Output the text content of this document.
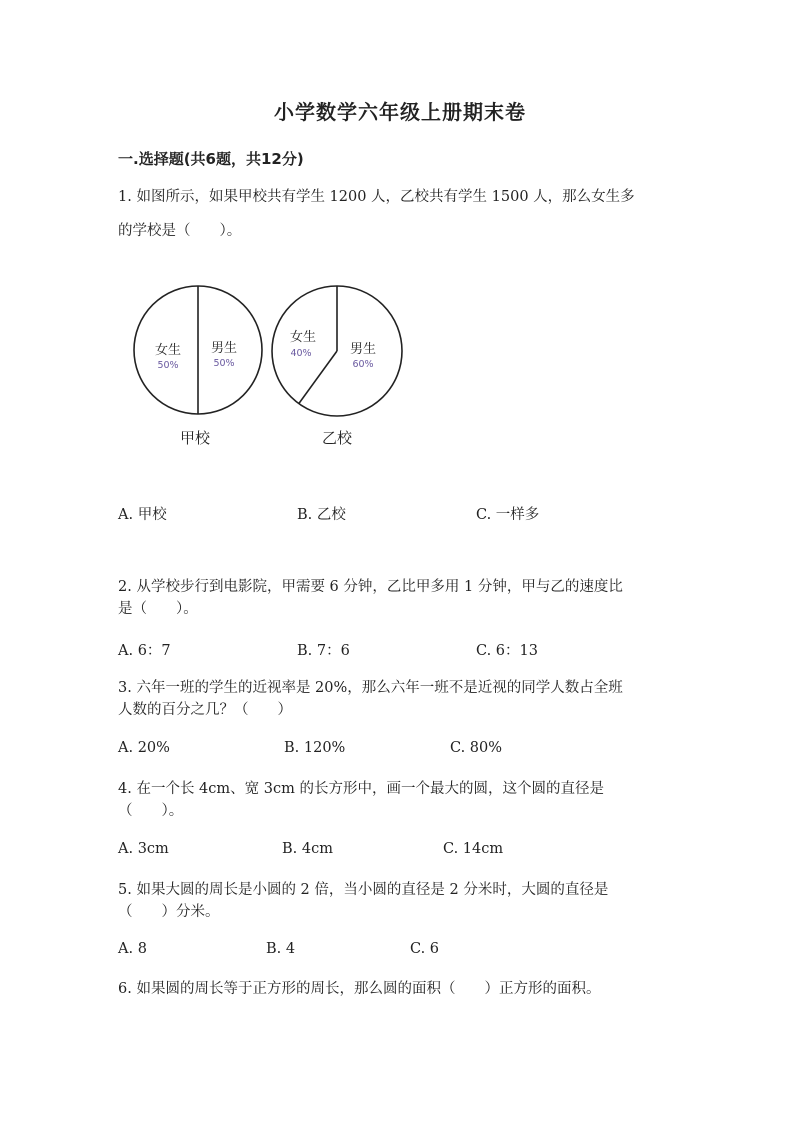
小学数学六年级上册期末卷
一.选择题(共6题，共12分)
1. 如图所示，如果甲校共有学生 1200 人，乙校共有学生 1500 人，那么女生多
的学校是（　　）。
女生
50%
男生
50%
甲校
女生
40%	男生
60%
乙校
A. 甲校	B. 乙校	C. 一样多
2. 从学校步行到电影院，甲需要 6 分钟，乙比甲多用 1 分钟，甲与乙的速度比
是（　　）。
A. 6：7	B. 7：6	C. 6：13
3. 六年一班的学生的近视率是 20%，那么六年一班不是近视的同学人数占全班
人数的百分之几？（　　）
A. 20%	B. 120%	C. 80%
4. 在一个长 4cm、宽 3cm 的长方形中，画一个最大的圆，这个圆的直径是
（　　）。
A. 3cm	B. 4cm	C. 14cm
5. 如果大圆的周长是小圆的 2 倍，当小圆的直径是 2 分米时，大圆的直径是
（　　）分米。
A. 8	B. 4	C. 6
6. 如果圆的周长等于正方形的周长，那么圆的面积（　　）正方形的面积。
